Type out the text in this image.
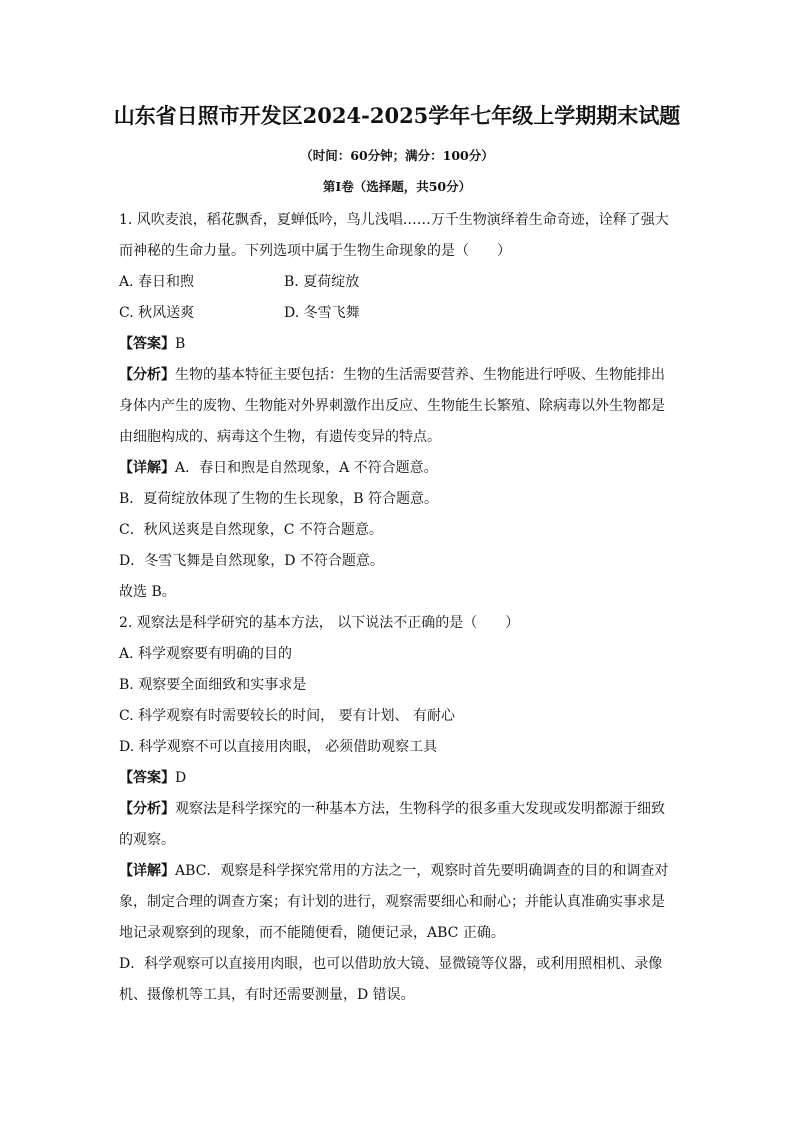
山东省日照市开发区2024-2025学年七年级上学期期末试题
（时间：60分钟；满分：100分）
第Ⅰ卷（选择题，共50分）
1. 风吹麦浪，稻花飘香，夏蝉低吟，鸟儿浅唱……万千生物演绎着生命奇迹，诠释了强大
而神秘的生命力量。下列选项中属于生物生命现象的是（　　）
A. 春日和煦	B. 夏荷绽放
C. 秋风送爽	D. 冬雪飞舞
【答案】B
【分析】生物的基本特征主要包括：生物的生活需要营养、生物能进行呼吸、生物能排出
身体内产生的废物、生物能对外界刺激作出反应、生物能生长繁殖、除病毒以外生物都是
由细胞构成的、病毒这个生物，有遗传变异的特点。
【详解】A．春日和煦是自然现象，A 不符合题意。
B．夏荷绽放体现了生物的生长现象，B 符合题意。
C．秋风送爽是自然现象，C 不符合题意。
D．冬雪飞舞是自然现象，D 不符合题意。
故选 B。
2. 观察法是科学研究的基本方法， 以下说法不正确的是（　　）
A. 科学观察要有明确的目的
B. 观察要全面细致和实事求是
C. 科学观察有时需要较长的时间， 要有计划、 有耐心
D. 科学观察不可以直接用肉眼， 必须借助观察工具
【答案】D
【分析】观察法是科学探究的一种基本方法，生物科学的很多重大发现或发明都源于细致
的观察。
【详解】ABC．观察是科学探究常用的方法之一，观察时首先要明确调查的目的和调查对
象，制定合理的调查方案；有计划的进行，观察需要细心和耐心；并能认真准确实事求是
地记录观察到的现象，而不能随便看，随便记录，ABC 正确。
D．科学观察可以直接用肉眼，也可以借助放大镜、显微镜等仪器，或利用照相机、录像
机、摄像机等工具，有时还需要测量，D 错误。
